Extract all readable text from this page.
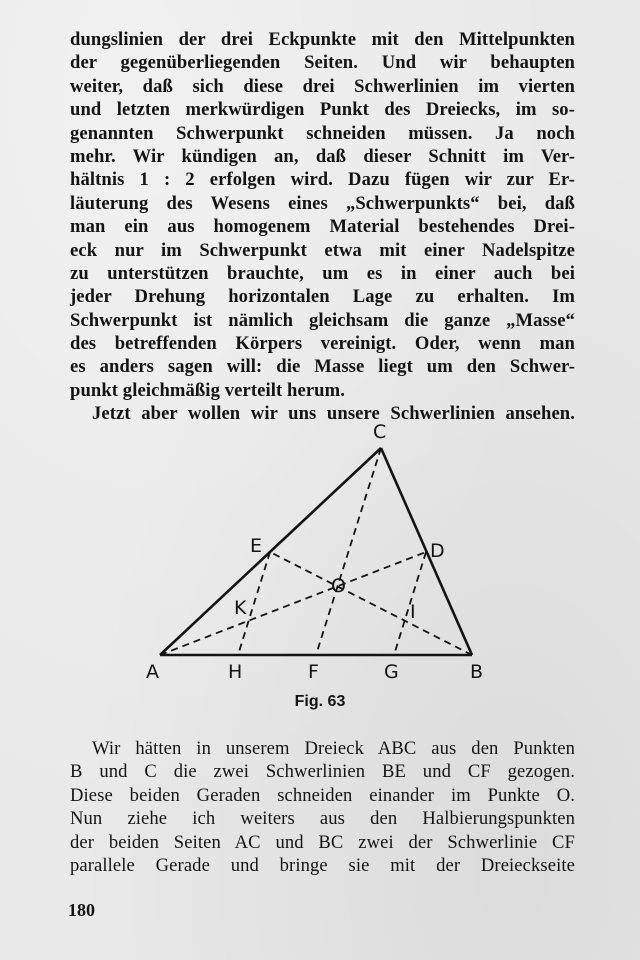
dungslinien der drei Eckpunkte mit den Mittelpunkten
der gegenüberliegenden Seiten. Und wir behaupten
weiter, daß sich diese drei Schwerlinien im vierten
und letzten merkwürdigen Punkt des Dreiecks, im so-
genannten Schwerpunkt schneiden müssen. Ja noch
mehr. Wir kündigen an, daß dieser Schnitt im Ver-
hältnis 1 : 2 erfolgen wird. Dazu fügen wir zur Er-
läuterung des Wesens eines „Schwerpunkts“ bei, daß
man ein aus homogenem Material bestehendes Drei-
eck nur im Schwerpunkt etwa mit einer Nadelspitze
zu unterstützen brauchte, um es in einer auch bei
jeder Drehung horizontalen Lage zu erhalten. Im
Schwerpunkt ist nämlich gleichsam die ganze „Masse“
des betreffenden Körpers vereinigt. Oder, wenn man
es anders sagen will: die Masse liegt um den Schwer-
punkt gleichmäßig verteilt herum.
Jetzt aber wollen wir uns unsere Schwerlinien ansehen.
C
E	D
O
K	I
A	H	F	G	B
Fig. 63
Wir hätten in unserem Dreieck ABC aus den Punkten
B und C die zwei Schwerlinien BE und CF gezogen.
Diese beiden Geraden schneiden einander im Punkte O.
Nun ziehe ich weiters aus den Halbierungspunkten
der beiden Seiten AC und BC zwei der Schwerlinie CF
parallele Gerade und bringe sie mit der Dreieckseite
180
